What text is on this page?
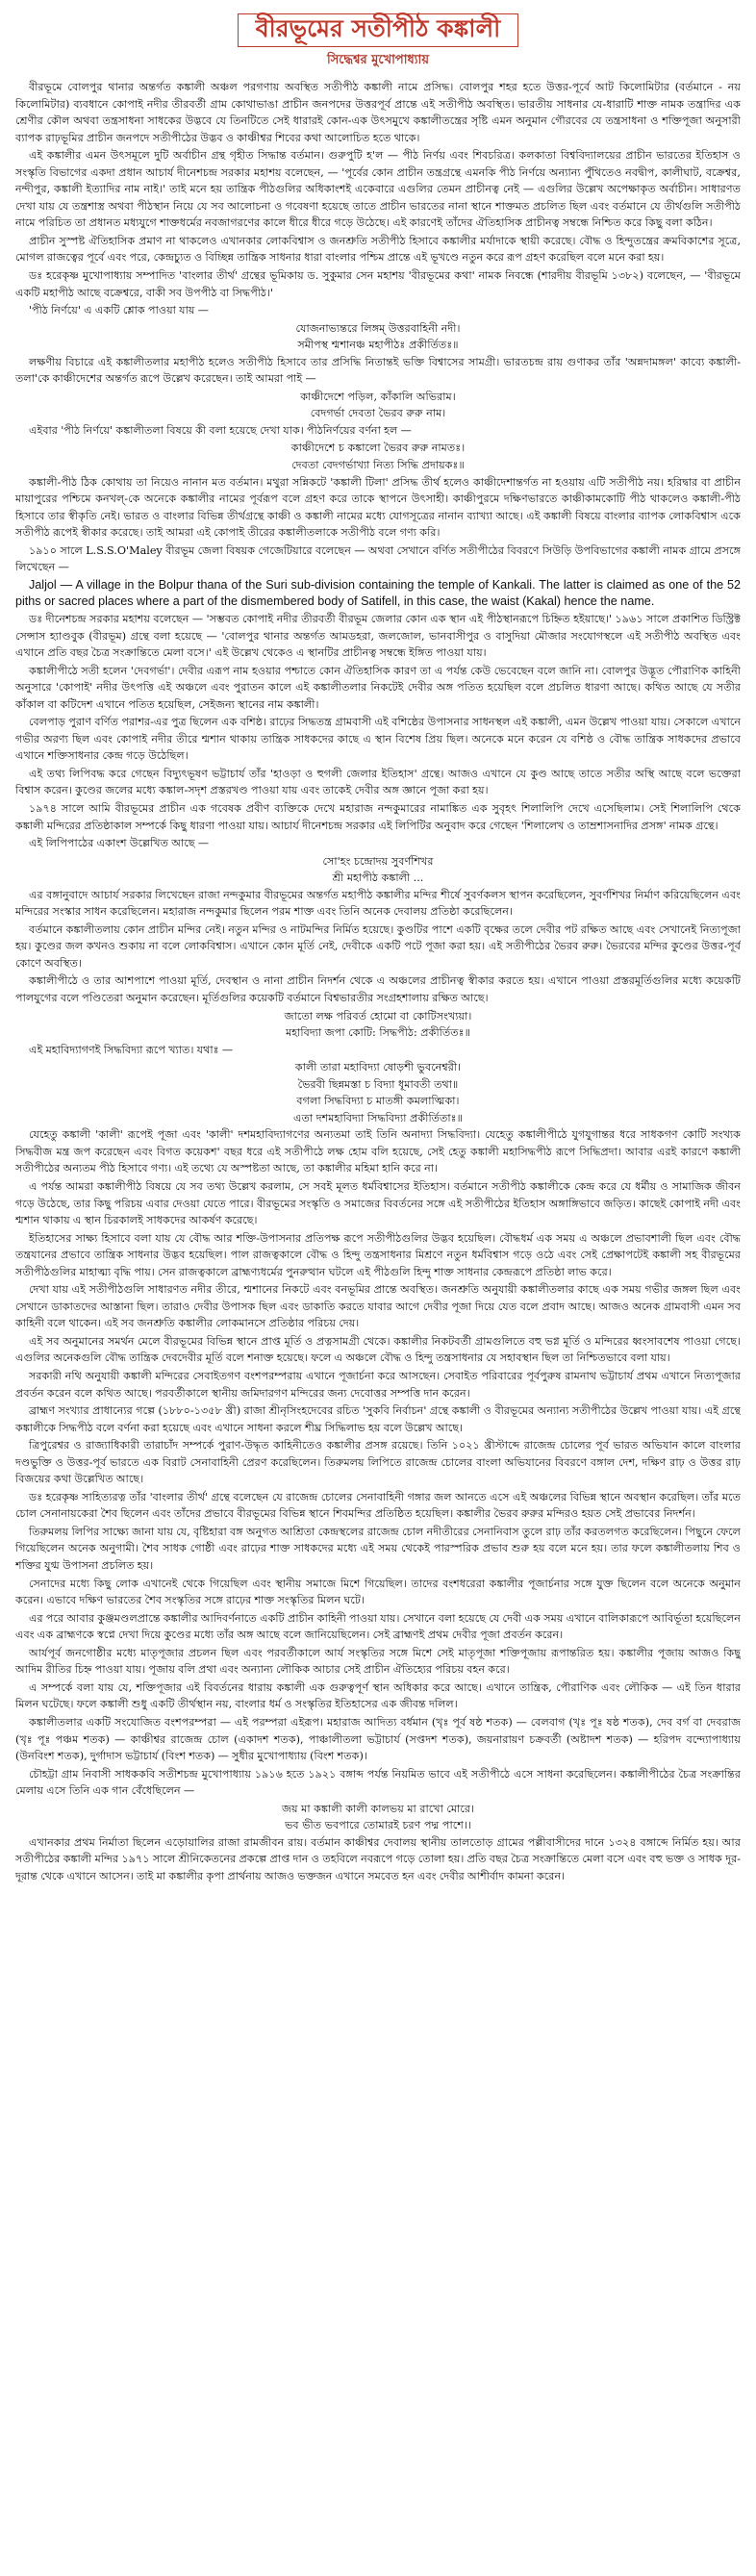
বীরভূমের সতীপীঠ কঙ্কালী
সিদ্ধেশ্বর মুখোপাধ্যায়

বীরভূমে বোলপুর থানার অন্তর্গত কঙ্কালী অঞ্চল পরগণায় অবস্থিত সতীপীঠ কঙ্কালী নামে প্রসিদ্ধ। বোলপুর শহর হতে উত্তর-পূর্বে আট কিলোমিটার (বর্তমানে - নয় কিলোমিটার) ব্যবধানে কোপাই নদীর তীরবর্তী গ্রাম কোথাভাঙা প্রাচীন জনপদের উত্তরপূর্ব প্রান্তে এই সতীপীঠ অবস্থিত। ভারতীয় সাধনার যে-ধারাটি শাক্ত নামক তন্ত্রাদির এক শ্রেণীর কৌল অথবা তন্ত্রসাধনা সাধকের উদ্ভবে যে তিনটিতে সেই ধারারই কোন-এক উৎসমুখে কঙ্কালীতন্ত্রের সৃষ্টি এমন অনুমান গৌরবের যে তন্ত্রসাধনা ও শক্তিপূজা অনুসারী ব্যাপক রাঢ়ভূমির প্রাচীন জনপদে সতীপীঠের উদ্ভব ও কাঞ্চীশ্বর শিবের কথা আলোচিত হতে থাকে।

এই কঙ্কালীর এমন উৎসমূলে দুটি অর্বাচীন গ্রন্থ গৃহীত সিদ্ধান্ত বর্তমান। গুরুপুটি হ'ল — পীঠ নির্ণয় এবং শিবচরিত্র। কলকাতা বিশ্ববিদ্যালয়ের প্রাচীন ভারতের ইতিহাস ও সংস্কৃতি বিভাগের একদা প্রধান আচার্য দীনেশচন্দ্র সরকার মহাশয় বলেছেন, — 'পূর্বের কোন প্রাচীন তন্ত্রগ্রন্থে এমনকি পীঠ নির্ণয়ে অন্যান্য পুঁথিতেও নবদ্বীপ, কালীঘাট, বক্রেশ্বর, নন্দীপুর, কঙ্কালী ইত্যাদির নাম নাই।' তাই মনে হয় তান্ত্রিক পীঠগুলির অধিকাংশই একেবারে এগুলির তেমন প্রাচীনত্ব নেই — এগুলির উল্লেখ অপেক্ষাকৃত অর্বাচীন। সাধারণত দেখা যায় যে তন্ত্রশাস্ত্র অথবা পীঠস্থান নিয়ে যে সব আলোচনা ও গবেষণা হয়েছে তাতে প্রাচীন ভারতের নানা স্থানে শাক্তমত প্রচলিত ছিল এবং বর্তমানে যে তীর্থগুলি সতীপীঠ নামে পরিচিত তা প্রধানত মধ্যযুগে শাক্তধর্মের নবজাগরণের কালে ধীরে ধীরে গড়ে উঠেছে। এই কারণেই তাঁদের ঐতিহাসিক প্রাচীনত্ব সম্বন্ধে নিশ্চিত করে কিছু বলা কঠিন।

প্রাচীন সুস্পষ্ট ঐতিহাসিক প্রমাণ না থাকলেও এখানকার লোকবিশ্বাস ও জনশ্রুতি সতীপীঠ হিসাবে কঙ্কালীর মর্যাদাকে স্থায়ী করেছে। বৌদ্ধ ও হিন্দুতন্ত্রের ক্রমবিকাশের সূত্রে, মোগল রাজত্বের পূর্বে এবং পরে, কেন্দ্রচ্যুত ও বিচ্ছিন্ন তান্ত্রিক সাধনার ধারা বাংলার পশ্চিম প্রান্তে এই ভূখণ্ডে নতুন করে রূপ গ্রহণ করেছিল বলে মনে করা হয়।

ডঃ হরেকৃষ্ণ মুখোপাধ্যায় সম্পাদিত 'বাংলার তীর্থ' গ্রন্থের ভূমিকায় ড. সুকুমার সেন মহাশয় 'বীরভূমের কথা' নামক নিবন্ধে (শারদীয় বীরভূমি ১৩৮২) বলেছেন, — 'বীরভূমে একটি মহাপীঠ আছে বক্রেশ্বরে, বাকী সব উপপীঠ বা সিদ্ধপীঠ।'

'পীঠ নির্ণয়ে' এ একটি শ্লোক পাওয়া যায় —

যোজনাভ্যন্তরে লিঙ্গম্ উত্তরবাহিনী নদী।
সমীপস্থ শ্মশানঞ্চ মহাপীঠঃ প্রকীর্তিতঃ॥

লক্ষণীয় বিচারে এই কঙ্কালীতলার মহাপীঠ হলেও সতীপীঠ হিসাবে তার প্রসিদ্ধি নিতান্তই ভক্তি বিশ্বাসের সামগ্রী। ভারতচন্দ্র রায় গুণাকর তাঁর 'অন্নদামঙ্গল' কাব্যে কঙ্কালী-তলা'কে কাঞ্চীদেশের অন্তর্গত রূপে উল্লেখ করেছেন। তাই আমরা পাই —

কাঞ্চীদেশে পড়িল, কাঁকালি অভিরাম।
বেদগর্ভা দেবতা ভৈরব রুরু নাম।

এইবার 'পীঠ নির্ণয়ে' কঙ্কালীতলা বিষয়ে কী বলা হয়েছে দেখা যাক। পীঠনির্ণয়ের বর্ণনা হল —

কাঞ্চীদেশে চ কঙ্কালো ভৈরব রুরু নামতঃ।
দেবতা বেদগর্ভাখ্যা নিত্য সিদ্ধি প্রদায়কঃ॥

কঙ্কালী-পীঠ ঠিক কোথায় তা নিয়েও নানান মত বর্তমান। মথুরা সন্নিকটে 'কঙ্কালী টিলা' প্রসিদ্ধ তীর্থ হলেও কাঞ্চীদেশান্তর্গত না হওয়ায় এটি সতীপীঠ নয়। হরিদ্বার বা প্রাচীন মায়াপুরের পশ্চিমে কনখল্-কে অনেকে কঙ্কালীর নামের পূর্বরূপ বলে গ্রহণ করে তাকে স্থাপনে উৎসাহী। কাঞ্চীপুরমে দক্ষিণভারতে কাঞ্চীকামকোটি পীঠ থাকলেও কঙ্কালী-পীঠ হিসাবে তার স্বীকৃতি নেই। ভারত ও বাংলার বিভিন্ন তীর্থগ্রন্থে কাঞ্চী ও কঙ্কালী নামের মধ্যে যোগসূত্রের নানান ব্যাখ্যা আছে। এই কঙ্কালী বিষয়ে বাংলার ব্যাপক লোকবিশ্বাস একে সতীপীঠ রূপেই স্বীকার করেছে। তাই আমরা এই কোপাই তীরের কঙ্কালীতলাকে সতীপীঠ বলে গণ্য করি।

১৯১০ সালে L.S.S.O'Maley বীরভূম জেলা বিষয়ক গেজেটিয়ারে বলেছেন — অথবা সেখানে বর্ণিত সতীপীঠের বিবরণে সিউড়ি উপবিভাগের কঙ্কালী নামক গ্রামে প্রসঙ্গে লিখেছেন —

Jaljol — A village in the Bolpur thana of the Suri sub-division containing the temple of Kankali. The latter is claimed as one of the 52 piths or sacred places where a part of the dismembered body of Satifell, in this case, the waist (Kakal) hence the name.

ডঃ দীনেশচন্দ্র সরকার মহাশয় বলেছেন — 'সম্ভবত কোপাই নদীর তীরবর্তী বীরভূম জেলার কোন এক স্থান এই পীঠস্থানরূপে চিহ্নিত হইয়াছে।' ১৯৬১ সালে প্রকাশিত ডিস্ট্রিক্ট সেন্সাস হ্যাণ্ডবুক (বীরভূম) গ্রন্থে বলা হয়েছে — 'বোলপুর থানার অন্তর্গত আমডহরা, জলজোল, ভানবাসীপুর ও বাসুদিয়া মৌজার সংযোগস্থলে এই সতীপীঠ অবস্থিত এবং এখানে প্রতি বছর চৈত্র সংক্রান্তিতে মেলা বসে।' এই উল্লেখ থেকেও এ স্থানটির প্রাচীনত্ব সম্বন্ধে ইঙ্গিত পাওয়া যায়।

কঙ্কালীপীঠে সতী হলেন 'দেবগর্ভা'। দেবীর এরূপ নাম হওয়ার পশ্চাতে কোন ঐতিহাসিক কারণ তা এ পর্যন্ত কেউ ভেবেছেন বলে জানি না। বোলপুর উদ্ভূত পৌরাণিক কাহিনী অনুসারে 'কোপাই' নদীর উৎপত্তি এই অঞ্চলে এবং পুরাতন কালে এই কঙ্কালীতলার নিকটেই দেবীর অঙ্গ পতিত হয়েছিল বলে প্রচলিত ধারণা আছে। কথিত আছে যে সতীর কাঁকাল বা কটিদেশ এখানে পতিত হয়েছিল, সেইজন্য স্থানের নাম কঙ্কালী।

বেলপাড় পুরাণ বর্ণিত পরাশর-এর পুত্র ছিলেন এক বশিষ্ঠ। রাঢ়ের সিদ্ধতন্ত্র গ্রামবাসী এই বশিষ্ঠের উপাসনার সাধনস্থল এই কঙ্কালী, এমন উল্লেখ পাওয়া যায়। সেকালে এখানে গভীর অরণ্য ছিল এবং কোপাই নদীর তীরে শ্মশান থাকায় তান্ত্রিক সাধকদের কাছে এ স্থান বিশেষ প্রিয় ছিল। অনেকে মনে করেন যে বশিষ্ঠ ও বৌদ্ধ তান্ত্রিক সাধকদের প্রভাবে এখানে শক্তিসাধনার কেন্দ্র গড়ে উঠেছিল।

এই তথ্য লিপিবদ্ধ করে গেছেন বিদ্যুৎভূষণ ভট্টাচার্য তাঁর 'হাওড়া ও হুগলী জেলার ইতিহাস' গ্রন্থে। আজও এখানে যে কুণ্ড আছে তাতে সতীর অস্থি আছে বলে ভক্তেরা বিশ্বাস করেন। কুণ্ডের জলের মধ্যে কঙ্কাল-সদৃশ প্রস্তরখণ্ড পাওয়া যায় এবং তাকেই দেবীর অঙ্গ জ্ঞানে পূজা করা হয়।

১৯৭৪ সালে আমি বীরভূমের প্রাচীন এক গবেষক প্রবীণ ব্যক্তিকে দেখে মহারাজ নন্দকুমারের নামাঙ্কিত এক সুবৃহৎ শিলালিপি দেখে এসেছিলাম। সেই শিলালিপি থেকে কঙ্কালী মন্দিরের প্রতিষ্ঠাকাল সম্পর্কে কিছু ধারণা পাওয়া যায়। আচার্য দীনেশচন্দ্র সরকার এই লিপিটির অনুবাদ করে গেছেন 'শিলালেখ ও তাম্রশাসনাদির প্রসঙ্গ' নামক গ্রন্থে।

এই লিপিপাঠের একাংশ উল্লেখিত আছে —

সো'হং চন্দ্রোদয় সুবর্ণশিখর
শ্রী মহাপীঠ কঙ্কালী ...

এর বঙ্গানুবাদে আচার্য সরকার লিখেছেন রাজা নন্দকুমার বীরভূমের অন্তর্গত মহাপীঠ কঙ্কালীর মন্দির শীর্ষে সুবর্ণকলস স্থাপন করেছিলেন, সুবর্ণশিখর নির্মাণ করিয়েছিলেন এবং মন্দিরের সংস্কার সাধন করেছিলেন। মহারাজ নন্দকুমার ছিলেন পরম শাক্ত এবং তিনি অনেক দেবালয় প্রতিষ্ঠা করেছিলেন।

বর্তমানে কঙ্কালীতলায় কোন প্রাচীন মন্দির নেই। নতুন মন্দির ও নাটমন্দির নির্মিত হয়েছে। কুণ্ডটির পাশে একটি বৃক্ষের তলে দেবীর পট রক্ষিত আছে এবং সেখানেই নিত্যপূজা হয়। কুণ্ডের জল কখনও শুকায় না বলে লোকবিশ্বাস। এখানে কোন মূর্তি নেই, দেবীকে একটি পটে পূজা করা হয়। এই সতীপীঠের ভৈরব রুরু। ভৈরবের মন্দির কুণ্ডের উত্তর-পূর্ব কোণে অবস্থিত।

কঙ্কালীপীঠে ও তার আশপাশে পাওয়া মূর্তি, দেবস্থান ও নানা প্রাচীন নিদর্শন থেকে এ অঞ্চলের প্রাচীনত্ব স্বীকার করতে হয়। এখানে পাওয়া প্রস্তরমূর্তিগুলির মধ্যে কয়েকটি পালযুগের বলে পণ্ডিতেরা অনুমান করেছেন। মূর্তিগুলির কয়েকটি বর্তমানে বিশ্বভারতীর সংগ্রহশালায় রক্ষিত আছে।

জাতো লক্ষ পরিবর্ত হোমো বা কোটিসংখ্যয়া।
মহাবিদ্যা জপা কোটি: সিদ্ধপীঠ: প্রকীর্তিতঃ॥

এই মহাবিদ্যাগণই সিদ্ধবিদ্যা রূপে খ্যাত। যথাঃ —

কালী তারা মহাবিদ্যা ষোড়শী ভুবনেশ্বরী।
ভৈরবী ছিন্নমস্তা চ বিদ্যা ধূমাবতী তথা॥
বগলা সিদ্ধবিদ্যা চ মাতঙ্গী কমলাত্মিকা।
এতা দশমহাবিদ্যা সিদ্ধবিদ্যা প্রকীর্তিতাঃ॥

যেহেতু কঙ্কালী 'কালী' রূপেই পূজা এবং 'কালী' দশমহাবিদ্যাগণের অন্যতমা তাই তিনি অনাদ্যা সিদ্ধবিদ্যা। যেহেতু কঙ্কালীপীঠে যুগযুগান্তর ধরে সাধকগণ কোটি সংখ্যক সিদ্ধবীজ মন্ত্র জপ করেছেন এবং বিগত কয়েকশ' বছর ধরে এই সতীপীঠে লক্ষ হোম বলি হয়েছে, সেই হেতু কঙ্কালী মহাসিদ্ধপীঠ রূপে সিদ্ধিপ্রদা। আবার এরই কারণে কঙ্কালী সতীপীঠের অন্যতম পীঠ হিসাবে গণ্য। এই তথ্যে যে অস্পষ্টতা আছে, তা কঙ্কালীর মহিমা হানি করে না।

এ পর্যন্ত আমরা কঙ্কালীপীঠ বিষয়ে যে সব তথ্য উল্লেখ করলাম, সে সবই মূলত ধর্মবিশ্বাসের ইতিহাস। বর্তমানে সতীপীঠ কঙ্কালীকে কেন্দ্র করে যে ধর্মীয় ও সামাজিক জীবন গড়ে উঠেছে, তার কিছু পরিচয় এবার দেওয়া যেতে পারে। বীরভূমের সংস্কৃতি ও সমাজের বিবর্তনের সঙ্গে এই সতীপীঠের ইতিহাস অঙ্গাঙ্গিভাবে জড়িত। কাছেই কোপাই নদী এবং শ্মশান থাকায় এ স্থান চিরকালই সাধকদের আকর্ষণ করেছে।

ইতিহাসের সাক্ষ্য হিসাবে বলা যায় যে বৌদ্ধ আর শক্তি-উপাসনার প্রতিপক্ষ রূপে সতীপীঠগুলির উদ্ভব হয়েছিল। বৌদ্ধধর্ম এক সময় এ অঞ্চলে প্রভাবশালী ছিল এবং বৌদ্ধ তন্ত্রযানের প্রভাবে তান্ত্রিক সাধনার উদ্ভব হয়েছিল। পাল রাজত্বকালে বৌদ্ধ ও হিন্দু তন্ত্রসাধনার মিশ্রণে নতুন ধর্মবিশ্বাস গড়ে ওঠে এবং সেই প্রেক্ষাপটেই কঙ্কালী সহ বীরভূমের সতীপীঠগুলির মাহাত্ম্য বৃদ্ধি পায়। সেন রাজত্বকালে ব্রাহ্মণ্যধর্মের পুনরুত্থান ঘটলে এই পীঠগুলি হিন্দু শাক্ত সাধনার কেন্দ্ররূপে প্রতিষ্ঠা লাভ করে।

দেখা যায় এই সতীপীঠগুলি সাধারণত নদীর তীরে, শ্মশানের নিকটে এবং বনভূমির প্রান্তে অবস্থিত। জনশ্রুতি অনুযায়ী কঙ্কালীতলার কাছে এক সময় গভীর জঙ্গল ছিল এবং সেখানে ডাকাতদের আস্তানা ছিল। তারাও দেবীর উপাসক ছিল এবং ডাকাতি করতে যাবার আগে দেবীর পূজা দিয়ে যেত বলে প্রবাদ আছে। আজও অনেক গ্রামবাসী এমন সব কাহিনী বলে থাকেন। এই সব জনশ্রুতি কঙ্কালীর লোকমানসে প্রতিষ্ঠার পরিচয় দেয়।

এই সব অনুমানের সমর্থন মেলে বীরভূমের বিভিন্ন স্থানে প্রাপ্ত মূর্তি ও প্রত্নসামগ্রী থেকে। কঙ্কালীর নিকটবর্তী গ্রামগুলিতে বহু ভগ্ন মূর্তি ও মন্দিরের ধ্বংসাবশেষ পাওয়া গেছে। এগুলির অনেকগুলি বৌদ্ধ তান্ত্রিক দেবদেবীর মূর্তি বলে শনাক্ত হয়েছে। ফলে এ অঞ্চলে বৌদ্ধ ও হিন্দু তন্ত্রসাধনার যে সহাবস্থান ছিল তা নিশ্চিতভাবে বলা যায়।

সরকারী নথি অনুযায়ী কঙ্কালী মন্দিরের সেবাইতগণ বংশপরম্পরায় এখানে পূজার্চনা করে আসছেন। সেবাইত পরিবারের পূর্বপুরুষ রামনাথ ভট্টাচার্য প্রথম এখানে নিত্যপূজার প্রবর্তন করেন বলে কথিত আছে। পরবর্তীকালে স্থানীয় জমিদারগণ মন্দিরের জন্য দেবোত্তর সম্পত্তি দান করেন।

ব্রাহ্মণ সংখ্যার প্রাধান্যের গল্পে (১৮৮০-১৩৫৮ খ্রী) রাজা শ্রীনৃসিংহদেবের রচিত 'সুকবি নির্বাচন' গ্রন্থে কঙ্কালী ও বীরভূমের অন্যান্য সতীপীঠের উল্লেখ পাওয়া যায়। এই গ্রন্থে কঙ্কালীকে সিদ্ধপীঠ বলে বর্ণনা করা হয়েছে এবং এখানে সাধনা করলে শীঘ্র সিদ্ধিলাভ হয় বলে উল্লেখ আছে।

ত্রিপুরেশ্বর ও রাজ্যাধিকারী তারাচাঁদ সম্পর্কে পুরাণ-উদ্ধৃত কাহিনীতেও কঙ্কালীর প্রসঙ্গ রয়েছে। তিনি ১০২১ খ্রীস্টাব্দে রাজেন্দ্র চোলের পূর্ব ভারত অভিযান কালে বাংলার দণ্ডভুক্তি ও উত্তর-পূর্ব ভারতে এক বিরাট সেনাবাহিনী প্রেরণ করেছিলেন। তিরুমলয় লিপিতে রাজেন্দ্র চোলের বাংলা অভিযানের বিবরণে বঙ্গাল দেশ, দক্ষিণ রাঢ় ও উত্তর রাঢ় বিজয়ের কথা উল্লেখিত আছে।

ডঃ হরেকৃষ্ণ সাহিত্যরত্ন তাঁর 'বাংলার তীর্থ' গ্রন্থে বলেছেন যে রাজেন্দ্র চোলের সেনাবাহিনী গঙ্গার জল আনতে এসে এই অঞ্চলের বিভিন্ন স্থানে অবস্থান করেছিল। তাঁর মতে চোল সেনানায়কেরা শৈব ছিলেন এবং তাঁদের প্রভাবে বীরভূমের বিভিন্ন স্থানে শিবমন্দির প্রতিষ্ঠিত হয়েছিল। কঙ্কালীর ভৈরব রুরুর মন্দিরও হয়ত সেই প্রভাবের নিদর্শন।

তিরুমলয় লিপির সাক্ষ্যে জানা যায় যে, বৃষ্টিহারা বঙ্গ অনুগত আশ্রিতা কেন্দ্রস্থলের রাজেন্দ্র চোল নদীতীরের সেনানিবাস তুলে রাঢ় তাঁর করতলগত করেছিলেন। পিছুনে ফেলে গিয়েছিলেন অনেক অনুগামী। শৈব সাধক গোষ্ঠী এবং রাঢ়ের শাক্ত সাধকদের মধ্যে এই সময় থেকেই পারস্পরিক প্রভাব শুরু হয় বলে মনে হয়। তার ফলে কঙ্কালীতলায় শিব ও শক্তির যুগ্ম উপাসনা প্রচলিত হয়।

সেনাদের মধ্যে কিছু লোক এখানেই থেকে গিয়েছিল এবং স্থানীয় সমাজে মিশে গিয়েছিল। তাদের বংশধরেরা কঙ্কালীর পূজার্চনার সঙ্গে যুক্ত ছিলেন বলে অনেকে অনুমান করেন। এভাবে দক্ষিণ ভারতের শৈব সংস্কৃতির সঙ্গে রাঢ়ের শাক্ত সংস্কৃতির মিলন ঘটে।

এর পরে আবার কুঞ্জমণ্ডলপ্রান্তে কঙ্কালীর আদিবর্ণনাতে একটি প্রাচীন কাহিনী পাওয়া যায়। সেখানে বলা হয়েছে যে দেবী এক সময় এখানে বালিকারূপে আবির্ভূতা হয়েছিলেন এবং এক ব্রাহ্মণকে স্বপ্নে দেখা দিয়ে কুণ্ডের মধ্যে তাঁর অঙ্গ আছে বলে জানিয়েছিলেন। সেই ব্রাহ্মণই প্রথম দেবীর পূজা প্রবর্তন করেন।

আর্যপূর্ব জনগোষ্ঠীর মধ্যে মাতৃপূজার প্রচলন ছিল এবং পরবর্তীকালে আর্য সংস্কৃতির সঙ্গে মিশে সেই মাতৃপূজা শক্তিপূজায় রূপান্তরিত হয়। কঙ্কালীর পূজায় আজও কিছু আদিম রীতির চিহ্ন পাওয়া যায়। পূজায় বলি প্রথা এবং অন্যান্য লৌকিক আচার সেই প্রাচীন ঐতিহ্যের পরিচয় বহন করে।

এ সম্পর্কে বলা যায় যে, শক্তিপূজার এই বিবর্তনের ধারায় কঙ্কালী এক গুরুত্বপূর্ণ স্থান অধিকার করে আছে। এখানে তান্ত্রিক, পৌরাণিক এবং লৌকিক — এই তিন ধারার মিলন ঘটেছে। ফলে কঙ্কালী শুধু একটি তীর্থস্থান নয়, বাংলার ধর্ম ও সংস্কৃতির ইতিহাসের এক জীবন্ত দলিল।

কঙ্কালীতলার একটি সংযোজিত বংশপরম্পরা — এই পরম্পরা এইরূপ। মহারাজ আদিত্য বর্ধমান (খৃঃ পূর্ব ষষ্ঠ শতক) — বেলবাগ (খৃঃ পূঃ ষষ্ঠ শতক), দেব বর্গ বা দেবরাজ (খৃঃ পূঃ পঞ্চম শতক) — কাঞ্চীশ্বর রাজেন্দ্র চোল (একাদশ শতক), পাঞ্চালীতলা ভট্টাচার্য (সপ্তদশ শতক), জয়নারায়ণ চক্রবর্তী (অষ্টাদশ শতক) — হরিপদ বন্দ্যোপাধ্যায় (উনবিংশ শতক), দুর্গাদাস ভট্টাচার্য (বিংশ শতক) — সুধীর মুখোপাধ্যায় (বিংশ শতক)।

চৌহট্টা গ্রাম নিবাসী সাধককবি সতীশচন্দ্র মুখোপাধ্যায় ১৯১৬ হতে ১৯২১ বঙ্গাব্দ পর্যন্ত নিয়মিত ভাবে এই সতীপীঠে এসে সাধনা করেছিলেন। কঙ্কালীপীঠের চৈত্র সংক্রান্তির মেলায় এসে তিনি এক গান বেঁধেছিলেন —

জয় মা কঙ্কালী কালী কালভয় মা রাখো মোরে।
ভব ভীত ভবপারে তোমারই চরণ পদ্ম পাশে।।

এখানকার প্রথম নির্মাতা ছিলেন এড়োয়ালির রাজা রামজীবন রায়। বর্তমান কাঞ্চীশ্বর দেবালয় স্থানীয় তালতোড় গ্রামের পল্লীবাসীদের দানে ১৩২৪ বঙ্গাব্দে নির্মিত হয়। আর সতীপীঠের কঙ্কালী মন্দির ১৯৭১ সালে শ্রীনিকেতনের প্রকল্পে প্রাপ্ত দান ও তহবিলে নবরূপে গড়ে তোলা হয়। প্রতি বছর চৈত্র সংক্রান্তিতে মেলা বসে এবং বহু ভক্ত ও সাধক দূর-দূরান্ত থেকে এখানে আসেন। তাই মা কঙ্কালীর কৃপা প্রার্থনায় আজও ভক্তজন এখানে সমবেত হন এবং দেবীর আশীর্বাদ কামনা করেন।
